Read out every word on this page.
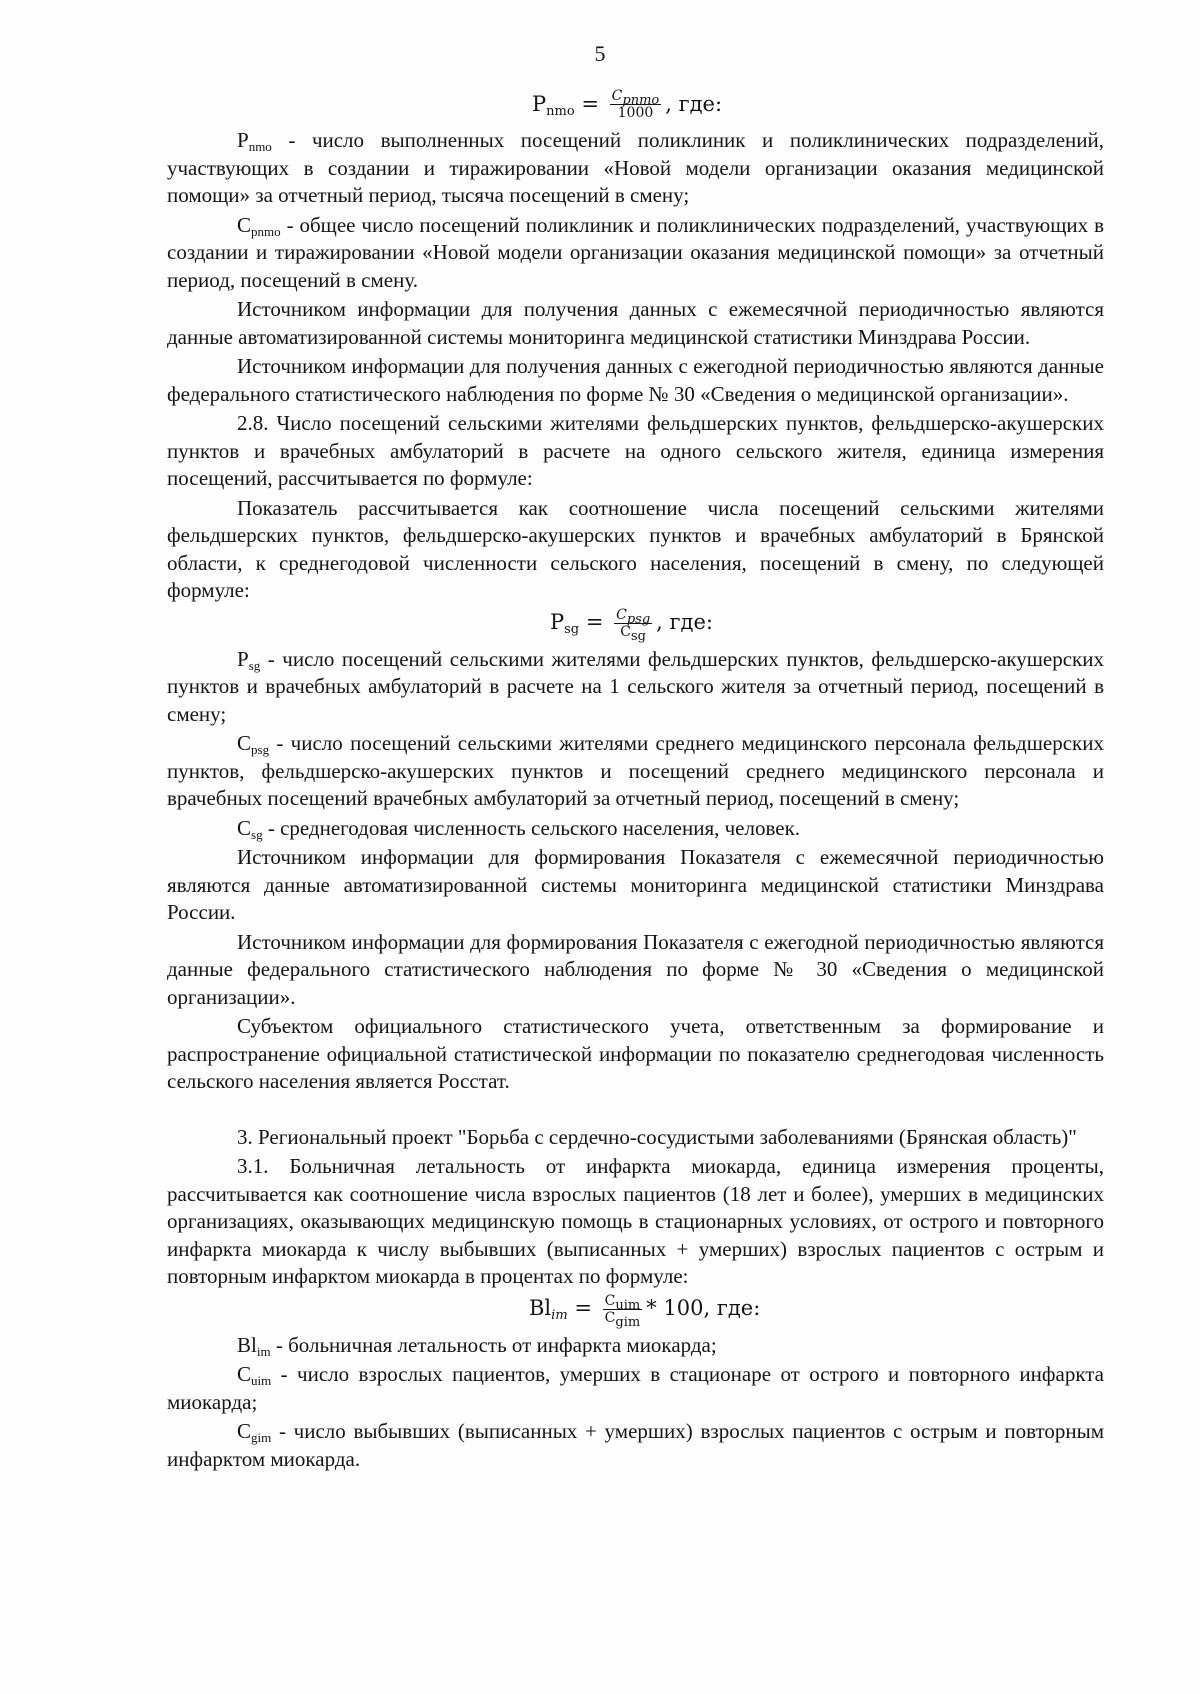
5
$P_{nmo} = \frac{C_{pnmo}}{1000}$ , где:

$P_{nmo}$ - число выполненных посещений поликлиник и поликлинических подразделений, участвующих в создании и тиражировании «Новой модели организации оказания медицинской помощи» за отчетный период, тысяча посещений в смену;

$C_{pnmo}$ - общее число посещений поликлиник и поликлинических подразделений, участвующих в создании и тиражировании «Новой модели организации оказания медицинской помощи» за отчетный период, посещений в смену.

Источником информации для получения данных с ежемесячной периодичностью являются данные автоматизированной системы мониторинга медицинской статистики Минздрава России.

Источником информации для получения данных с ежегодной периодичностью являются данные федерального статистического наблюдения по форме № 30 «Сведения о медицинской организации».

2.8. Число посещений сельскими жителями фельдшерских пунктов, фельдшерско-акушерских пунктов и врачебных амбулаторий в расчете на одного сельского жителя, единица измерения посещений, рассчитывается по формуле:

Показатель рассчитывается как соотношение числа посещений сельскими жителями фельдшерских пунктов, фельдшерско-акушерских пунктов и врачебных амбулаторий в Брянской области, к среднегодовой численности сельского населения, посещений в смену, по следующей формуле:

$P_{sg} = \frac{C_{psg}}{C_{sg}}$ , где:

$P_{sg}$ - число посещений сельскими жителями фельдшерских пунктов, фельдшерско-акушерских пунктов и врачебных амбулаторий в расчете на 1 сельского жителя за отчетный период, посещений в смену;

$C_{psg}$ - число посещений сельскими жителями среднего медицинского персонала фельдшерских пунктов, фельдшерско-акушерских пунктов и посещений среднего медицинского персонала и врачебных посещений врачебных амбулаторий за отчетный период, посещений в смену;

$C_{sg}$ - среднегодовая численность сельского населения, человек.

Источником информации для формирования Показателя с ежемесячной периодичностью являются данные автоматизированной системы мониторинга медицинской статистики Минздрава России.

Источником информации для формирования Показателя с ежегодной периодичностью являются данные федерального статистического наблюдения по форме № 30 «Сведения о медицинской организации».

Субъектом официального статистического учета, ответственным за формирование и распространение официальной статистической информации по показателю среднегодовая численность сельского населения является Росстат.

3. Региональный проект "Борьба с сердечно-сосудистыми заболеваниями (Брянская область)"

3.1. Больничная летальность от инфаркта миокарда, единица измерения проценты, рассчитывается как соотношение числа взрослых пациентов (18 лет и более), умерших в медицинских организациях, оказывающих медицинскую помощь в стационарных условиях, от острого и повторного инфаркта миокарда к числу выбывших (выписанных + умерших) взрослых пациентов с острым и повторным инфарктом миокарда в процентах по формуле:

$Bl_{im} = \frac{C_{uim}}{C_{gim}} * 100$, где:

$Bl_{im}$ - больничная летальность от инфаркта миокарда;

$C_{uim}$ - число взрослых пациентов, умерших в стационаре от острого и повторного инфаркта миокарда;

$C_{gim}$ - число выбывших (выписанных + умерших) взрослых пациентов с острым и повторным инфарктом миокарда.
